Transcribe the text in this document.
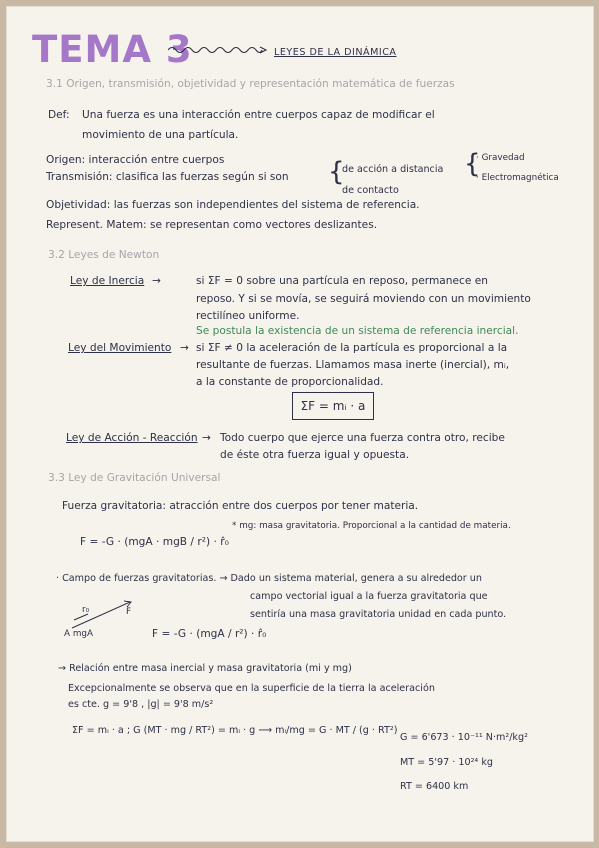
TEMA 3	LEYES DE LA DINÁMICA
3.1 Origen, transmisión, objetividad y representación matemática de fuerzas
Def: Una fuerza es una interacción entre cuerpos capaz de modificar el
movimiento de una partícula.
Origen: interacción entre cuerpos
Transmisión: clasifica las fuerzas según si son {
de acción a distancia
de contacto
{
· Gravedad
· Electromagnética
Objetividad: las fuerzas son independientes del sistema de referencia.
Represent. Matem: se representan como vectores deslizantes.
3.2 Leyes de Newton
Ley de Inercia →	si ΣF = 0 sobre una partícula en reposo, permanece en
reposo. Y si se movía, se seguirá moviendo con un movimiento
rectilíneo uniforme.
Se postula la existencia de un sistema de referencia inercial.
Ley del Movimiento → si ΣF ≠ 0 la aceleración de la partícula es proporcional a la
resultante de fuerzas. Llamamos masa inerte (inercial), mᵢ,
a la constante de proporcionalidad.
ΣF = mᵢ · a
Ley de Acción - Reacción → Todo cuerpo que ejerce una fuerza contra otro, recibe
de éste otra fuerza igual y opuesta.
3.3 Ley de Gravitación Universal
Fuerza gravitatoria: atracción entre dos cuerpos por tener materia.
* mg: masa gravitatoria. Proporcional a la cantidad de materia.
F = -G · (mgA · mgB / r²) · r̂₀
· Campo de fuerzas gravitatorias. → Dado un sistema material, genera a su alrededor un
campo vectorial igual a la fuerza gravitatoria que
sentiría una masa gravitatoria unidad en cada punto.
A mgA
r₀	F
F = -G · (mgA / r²) · r̂₀
→ Relación entre masa inercial y masa gravitatoria (mi y mg)
Excepcionalmente se observa que en la superficie de la tierra la aceleración
es cte. g = 9'8 , |g| = 9'8 m/s²
ΣF = mᵢ · a ; G (MT · mg / RT²) = mᵢ · g ⟶ mᵢ/mg = G · MT / (g · RT²)
G = 6'673 · 10⁻¹¹ N·m²/kg²
MT = 5'97 · 10²⁴ kg
RT = 6400 km
